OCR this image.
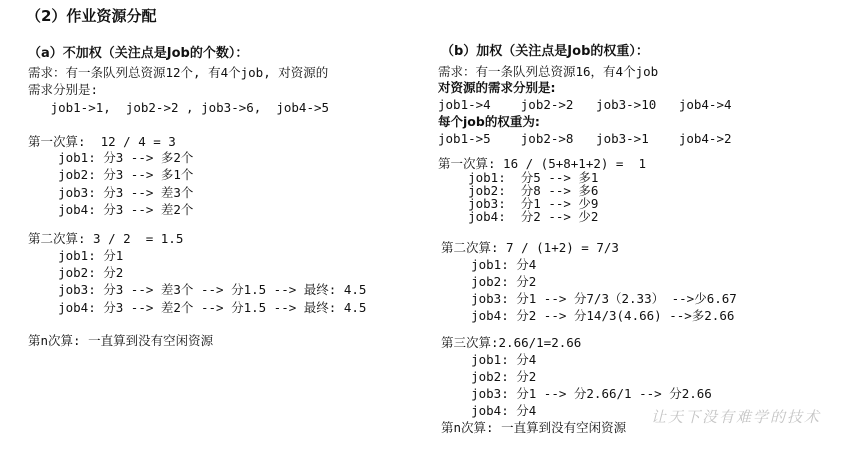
（2）作业资源分配
（a）不加权（关注点是Job的个数）：
需求：有一条队列总资源12个, 有4个job, 对资源的
需求分别是:
job1->1,  job2->2 , job3->6,  job4->5
第一次算:  12 / 4 = 3
job1: 分3 --> 多2个
job2: 分3 --> 多1个
job3: 分3 --> 差3个
job4: 分3 --> 差2个
第二次算: 3 / 2  = 1.5
job1: 分1
job2: 分2
job3: 分3 --> 差3个 --> 分1.5 --> 最终: 4.5
job4: 分3 --> 差2个 --> 分1.5 --> 最终: 4.5
第n次算: 一直算到没有空闲资源
（b）加权（关注点是Job的权重）：
需求：有一条队列总资源16，有4个job
对资源的需求分别是:
job1->4    job2->2   job3->10   job4->4
每个job的权重为:
job1->5    job2->8   job3->1    job4->2
第一次算: 16 / (5+8+1+2) =  1
job1:  分5 --> 多1
job2:  分8 --> 多6
job3:  分1 --> 少9
job4:  分2 --> 少2
第二次算: 7 / (1+2) = 7/3
job1: 分4
job2: 分2
job3: 分1 --> 分7/3（2.33） -->少6.67
job4: 分2 --> 分14/3(4.66) -->多2.66
第三次算:2.66/1=2.66
job1: 分4
job2: 分2
job3: 分1 --> 分2.66/1 --> 分2.66
job4: 分4
第n次算: 一直算到没有空闲资源
让天下没有难学的技术
